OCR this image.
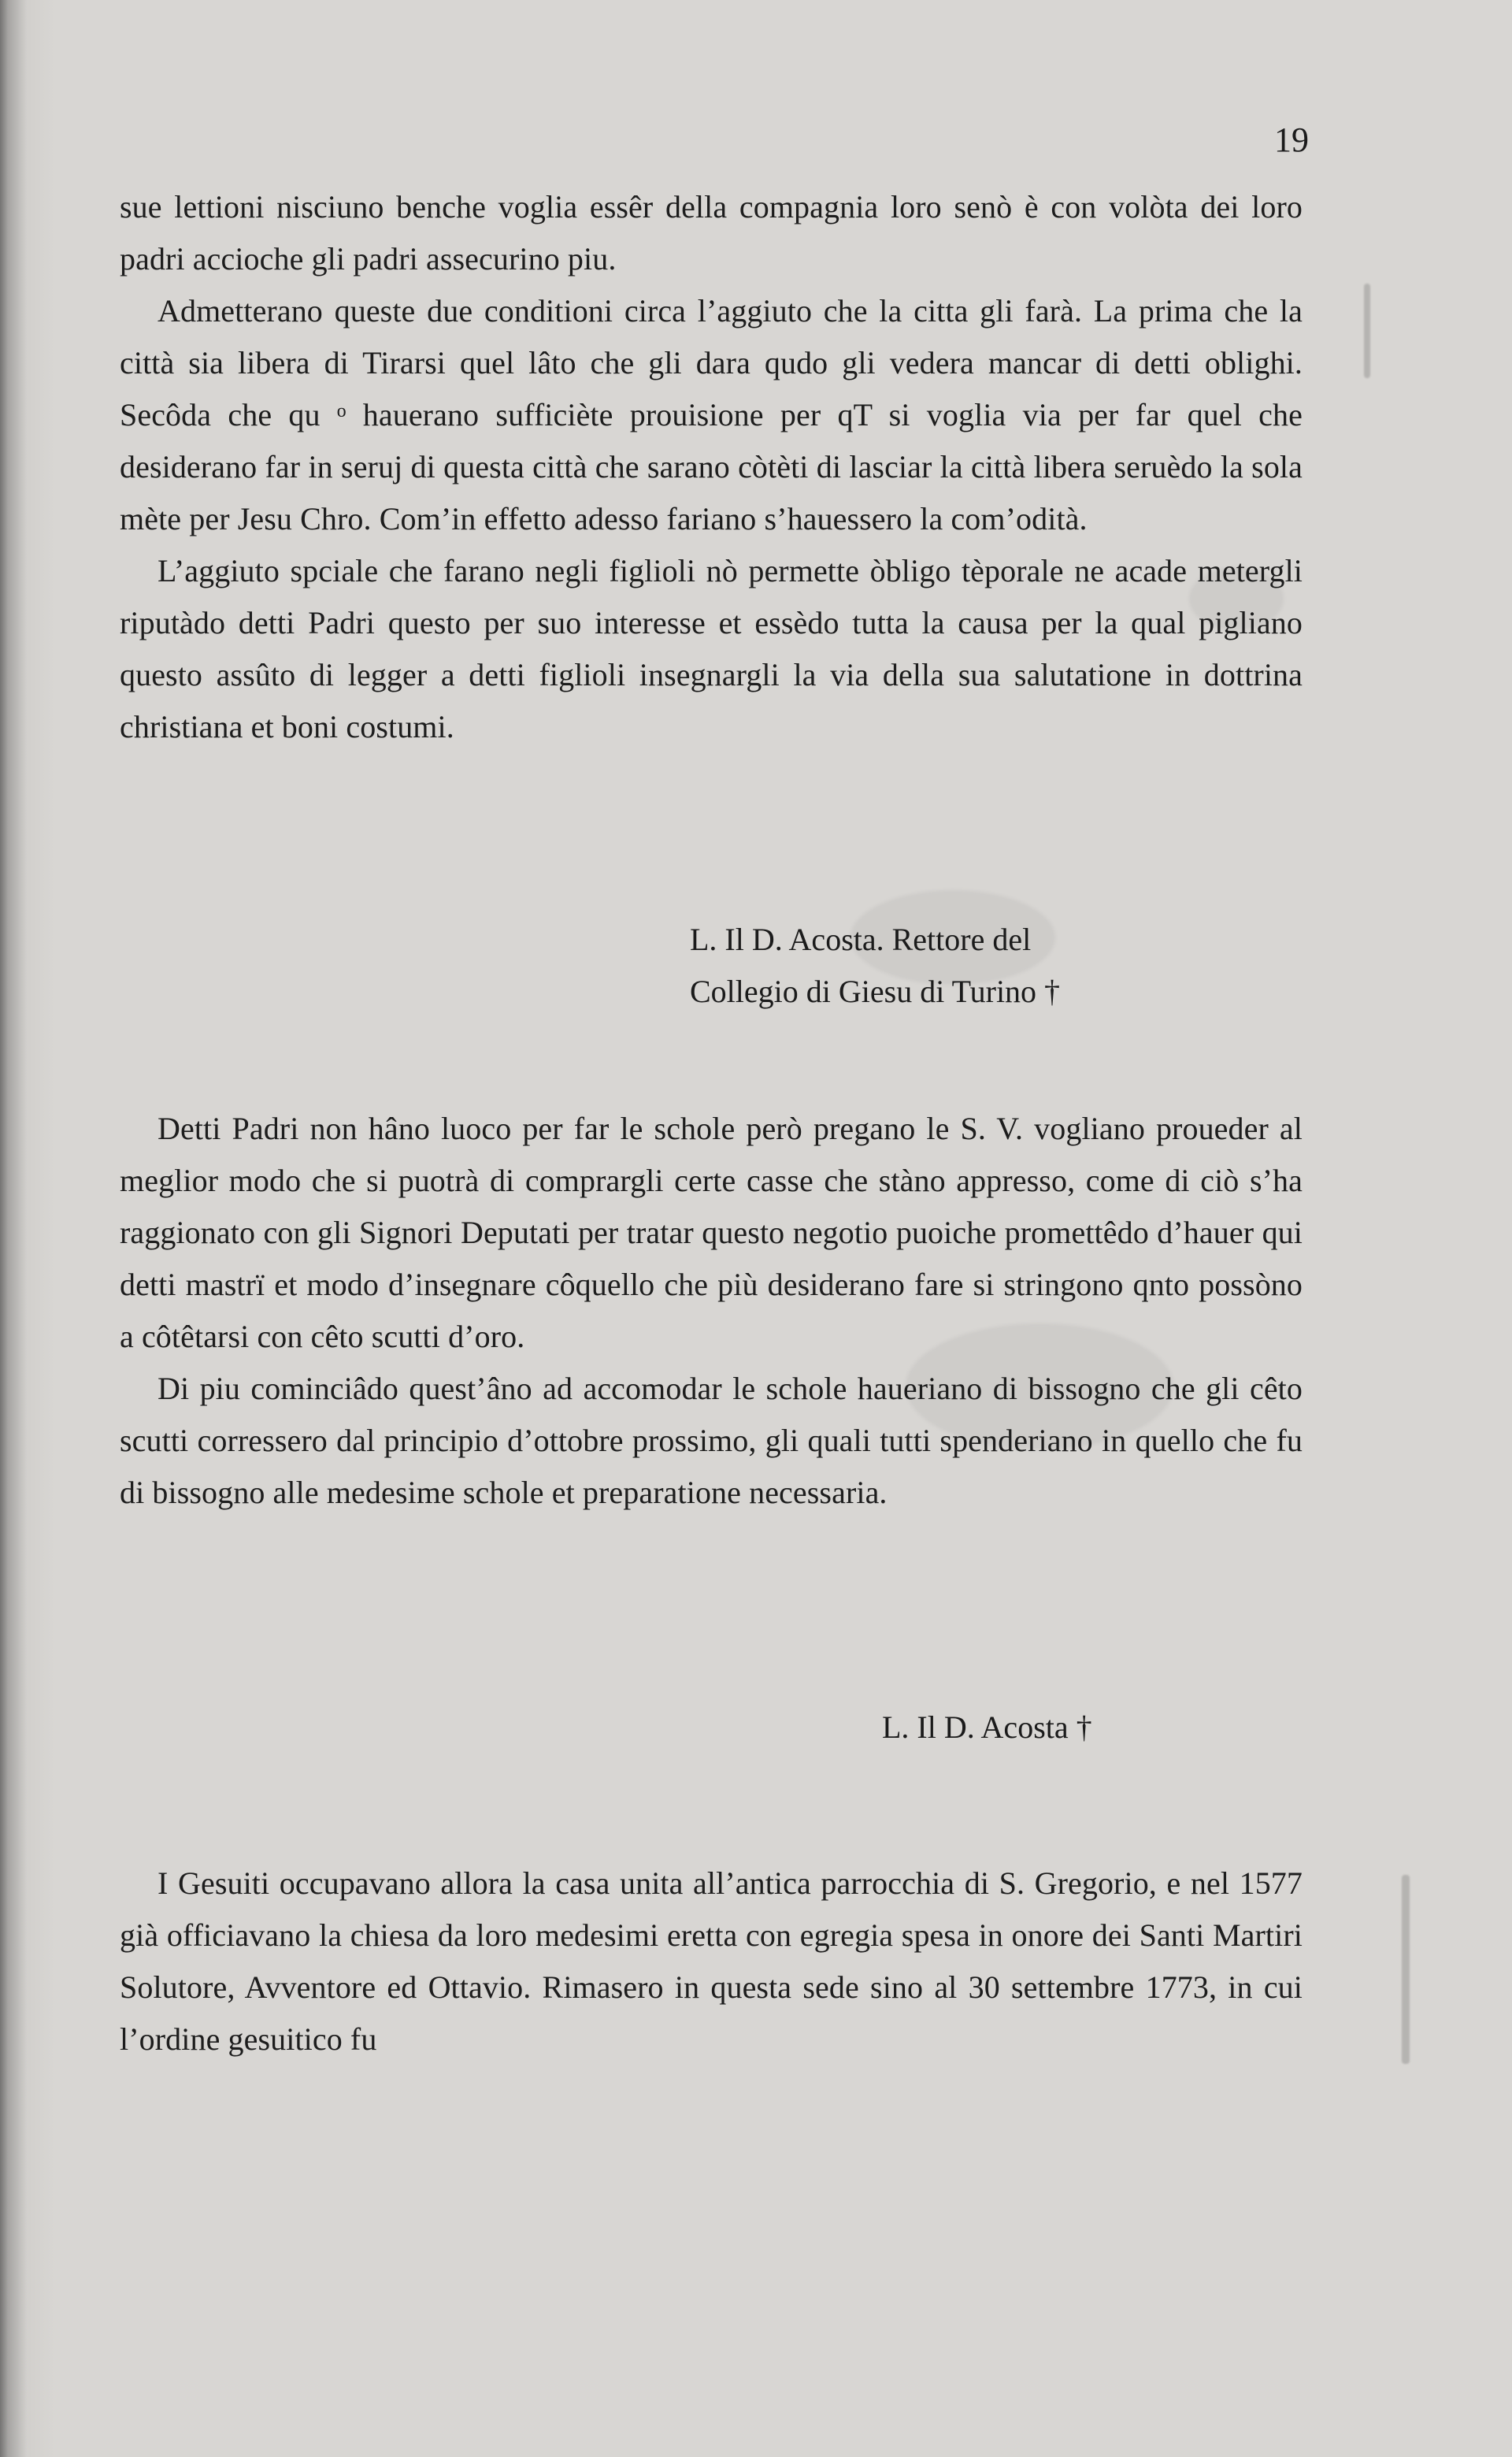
19

sue lettioni nisciuno benche voglia essêr della compagnia loro senò è con volòta dei loro padri accioche gli padri assecurino piu.

Admetterano queste due conditioni circa l’aggiuto che la citta gli farà. La prima che la città sia libera di Tirarsi quel lâto che gli dara qudo gli vedera mancar di detti oblighi. Secôda che qu ᵒ hauerano sufficiète prouisione per qT si voglia via per far quel che desiderano far in seruj di questa città che sarano còtèti di lasciar la città libera seruèdo la sola mète per Jesu Chro. Com’in effetto adesso fariano s’hauessero la com’odità.

L’aggiuto spciale che farano negli figlioli nò permette òbligo tèporale ne acade metergli riputàdo detti Padri questo per suo interesse et essèdo tutta la causa per la qual pigliano questo assûto di legger a detti figlioli insegnargli la via della sua salutatione in dottrina christiana et boni costumi.

L. Il D. Acosta. Rettore del
Collegio di Giesu di Turino †

Detti Padri non hâno luoco per far le schole però pregano le S. V. vogliano proueder al meglior modo che si puotrà di comprargli certe casse che stàno appresso, come di ciò s’ha raggionato con gli Signori Deputati per tratar questo negotio puoiche promettêdo d’hauer qui detti mastrï et modo d’insegnare côquello che più desiderano fare si stringono qnto possòno a côtêtarsi con cêto scutti d’oro.

Di piu cominciâdo quest’âno ad accomodar le schole haueriano di bissogno che gli cêto scutti corressero dal principio d’ottobre prossimo, gli quali tutti spenderiano in quello che fu di bissogno alle medesime schole et preparatione necessaria.

L. Il D. Acosta †

I Gesuiti occupavano allora la casa unita all’antica parrocchia di S. Gregorio, e nel 1577 già officiavano la chiesa da loro medesimi eretta con egregia spesa in onore dei Santi Martiri Solutore, Avventore ed Ottavio. Rimasero in questa sede sino al 30 settembre 1773, in cui l’ordine gesuitico fu
